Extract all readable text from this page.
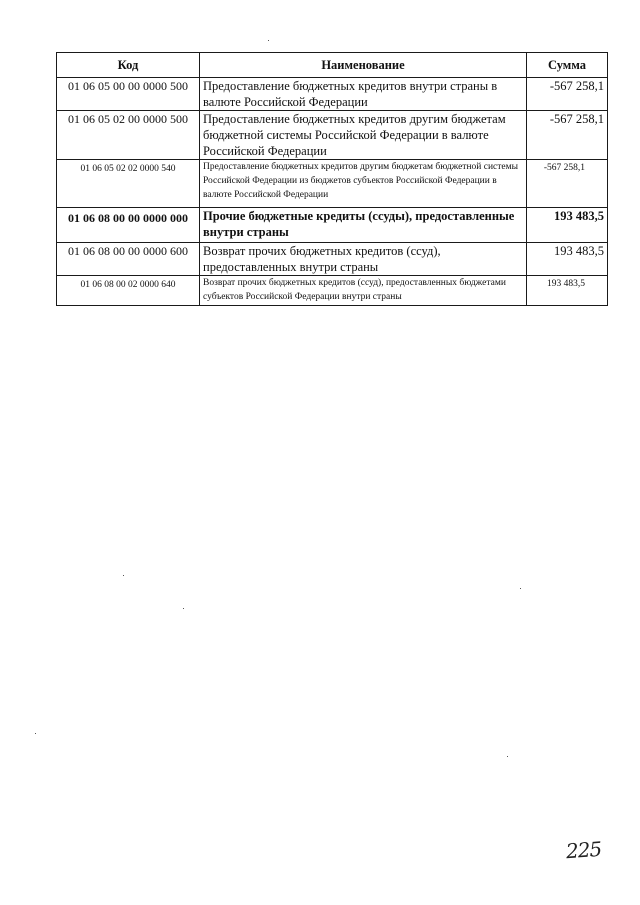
Код	Наименование	Сумма
01 06 05 00 00 0000 500	Предоставление бюджетных кредитов внутри страны в валюте Российской Федерации	-567 258,1
01 06 05 02 00 0000 500	Предоставление бюджетных кредитов другим бюджетам бюджетной системы Российской Федерации в валюте Российской Федерации	-567 258,1
01 06 05 02 02 0000 540	Предоставление бюджетных кредитов другим бюджетам бюджетной системы Российской Федерации из бюджетов субъектов Российской Федерации в валюте Российской Федерации	-567 258,1
01 06 08 00 00 0000 000	Прочие бюджетные кредиты (ссуды), предоставленные внутри страны	193 483,5
01 06 08 00 00 0000 600	Возврат прочих бюджетных кредитов (ссуд), предоставленных внутри страны	193 483,5
01 06 08 00 02 0000 640	Возврат прочих бюджетных кредитов (ссуд), предоставленных бюджетами субъектов Российской Федерации внутри страны	193 483,5
225
